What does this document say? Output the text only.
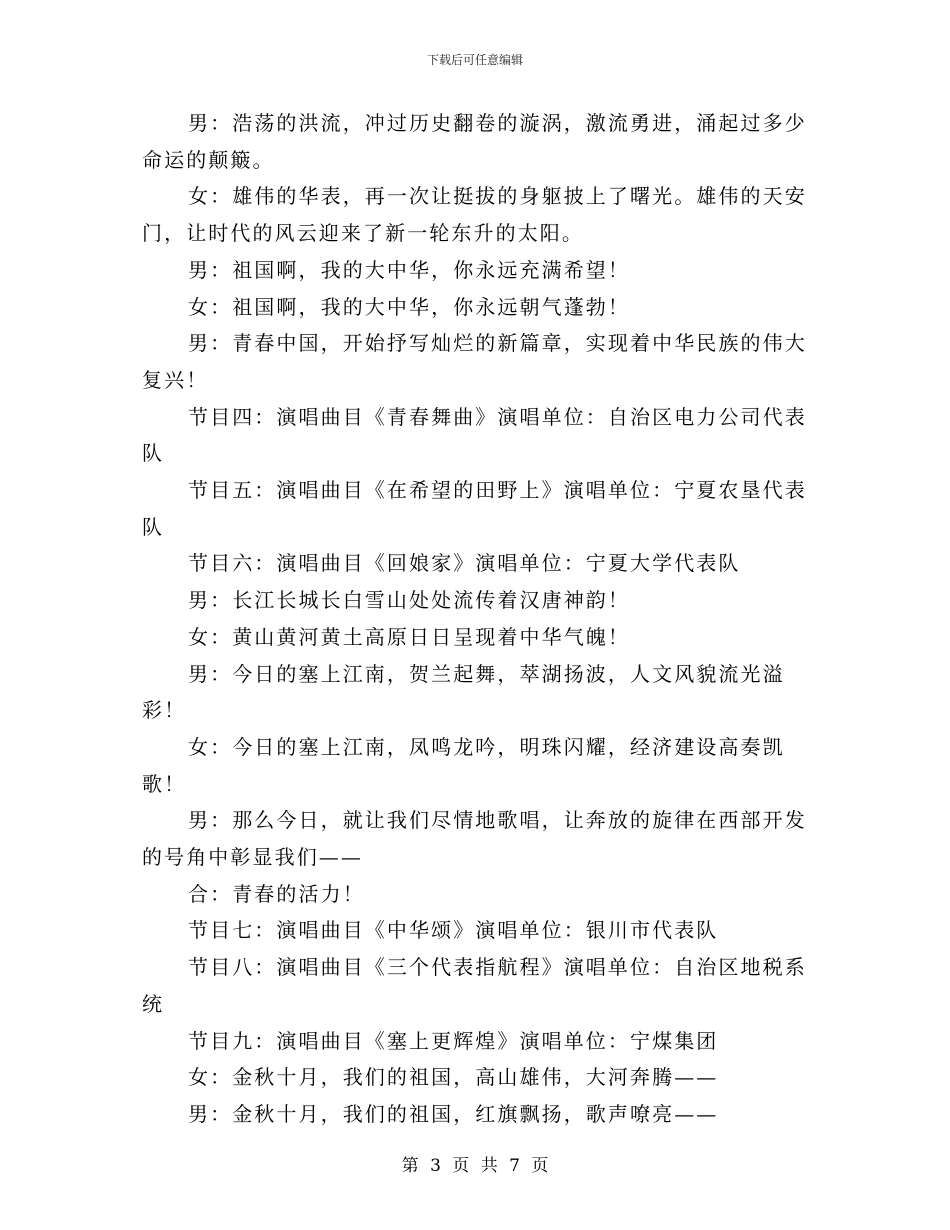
下载后可任意编辑

男：浩荡的洪流，冲过历史翻卷的漩涡，激流勇进，涌起过多少命运的颠簸。

女：雄伟的华表，再一次让挺拔的身躯披上了曙光。雄伟的天安门，让时代的风云迎来了新一轮东升的太阳。

男：祖国啊，我的大中华，你永远充满希望！

女：祖国啊，我的大中华，你永远朝气蓬勃！

男：青春中国，开始抒写灿烂的新篇章，实现着中华民族的伟大复兴！

节目四：演唱曲目《青春舞曲》演唱单位：自治区电力公司代表队

节目五：演唱曲目《在希望的田野上》演唱单位：宁夏农垦代表队

节目六：演唱曲目《回娘家》演唱单位：宁夏大学代表队

男：长江长城长白雪山处处流传着汉唐神韵！

女：黄山黄河黄土高原日日呈现着中华气魄！

男：今日的塞上江南，贺兰起舞，萃湖扬波，人文风貌流光溢彩！

女：今日的塞上江南，凤鸣龙吟，明珠闪耀，经济建设高奏凯歌！

男：那么今日，就让我们尽情地歌唱，让奔放的旋律在西部开发的号角中彰显我们——

合：青春的活力！

节目七：演唱曲目《中华颂》演唱单位：银川市代表队

节目八：演唱曲目《三个代表指航程》演唱单位：自治区地税系统

节目九：演唱曲目《塞上更辉煌》演唱单位：宁煤集团

女：金秋十月，我们的祖国，高山雄伟，大河奔腾——

男：金秋十月，我们的祖国，红旗飘扬，歌声嘹亮——

第 3 页 共 7 页
